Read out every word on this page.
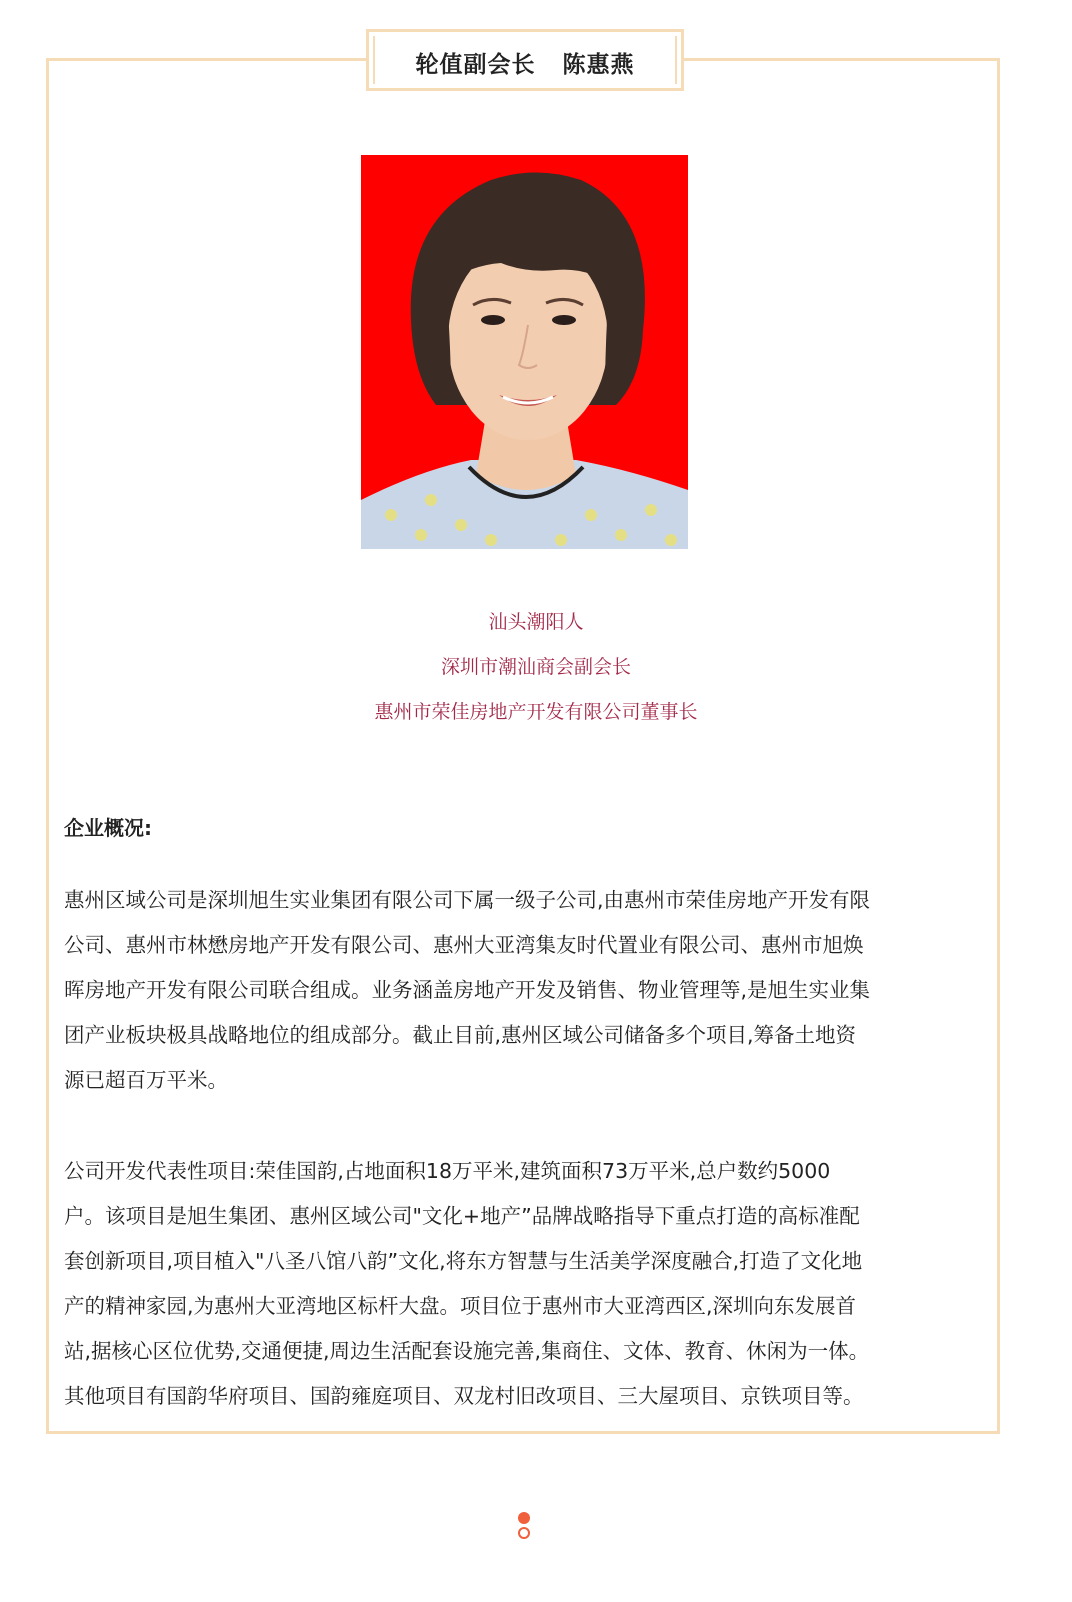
轮值副会长   陈惠燕
汕头潮阳人
深圳市潮汕商会副会长
惠州市荣佳房地产开发有限公司董事长
企业概况:
惠州区域公司是深圳旭生实业集团有限公司下属一级子公司,由惠州市荣佳房地产开发有限
公司、惠州市林懋房地产开发有限公司、惠州大亚湾集友时代置业有限公司、惠州市旭焕
晖房地产开发有限公司联合组成。业务涵盖房地产开发及销售、物业管理等,是旭生实业集
团产业板块极具战略地位的组成部分。截止目前,惠州区域公司储备多个项目,筹备土地资
源已超百万平米。
公司开发代表性项目:荣佳国韵,占地面积18万平米,建筑面积73万平米,总户数约5000
户。该项目是旭生集团、惠州区域公司"文化+地产”品牌战略指导下重点打造的高标准配
套创新项目,项目植入"八圣八馆八韵”文化,将东方智慧与生活美学深度融合,打造了文化地
产的精神家园,为惠州大亚湾地区标杆大盘。项目位于惠州市大亚湾西区,深圳向东发展首
站,据核心区位优势,交通便捷,周边生活配套设施完善,集商住、文体、教育、休闲为一体。
其他项目有国韵华府项目、国韵雍庭项目、双龙村旧改项目、三大屋项目、京铁项目等。
